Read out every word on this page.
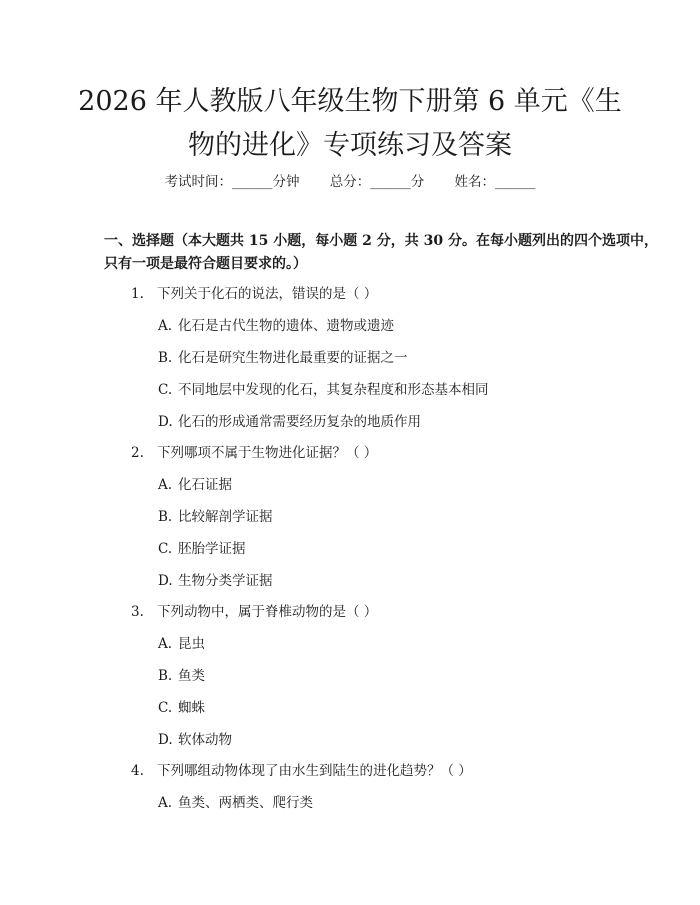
2026 年人教版八年级生物下册第 6 单元《生
物的进化》专项练习及答案
考试时间：______分钟 总分：______分 姓名：______

一、选择题（本大题共 15 小题，每小题 2 分，共 30 分。在每小题列出的四个选项中，只有一项是最符合题目要求的。）

1. 下列关于化石的说法，错误的是（ ）
A. 化石是古代生物的遗体、遗物或遗迹
B. 化石是研究生物进化最重要的证据之一
C. 不同地层中发现的化石，其复杂程度和形态基本相同
D. 化石的形成通常需要经历复杂的地质作用
2. 下列哪项不属于生物进化证据？（ ）
A. 化石证据
B. 比较解剖学证据
C. 胚胎学证据
D. 生物分类学证据
3. 下列动物中，属于脊椎动物的是（ ）
A. 昆虫
B. 鱼类
C. 蜘蛛
D. 软体动物
4. 下列哪组动物体现了由水生到陆生的进化趋势？（ ）
A. 鱼类、两栖类、爬行类
